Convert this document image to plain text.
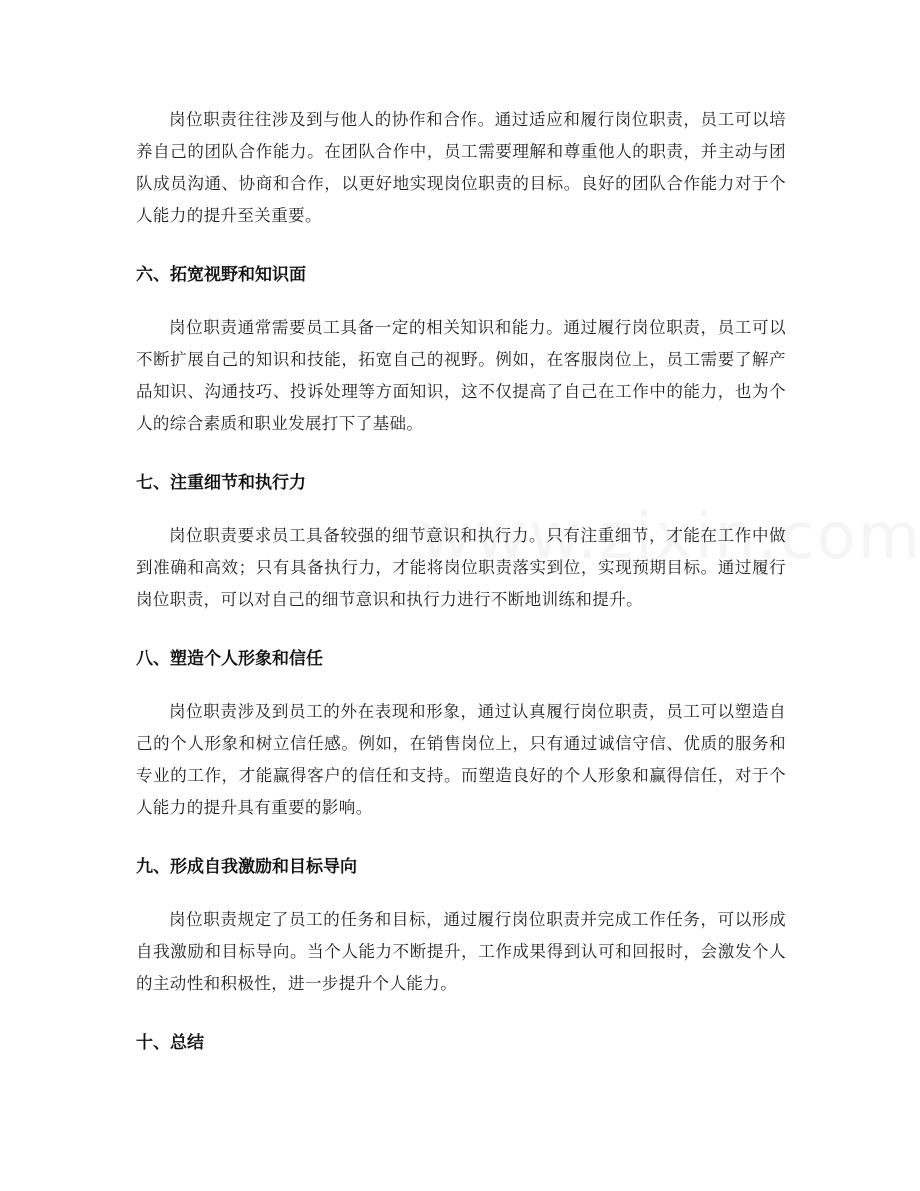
岗位职责往往涉及到与他人的协作和合作。通过适应和履行岗位职责，员工可以培养自己的团队合作能力。在团队合作中，员工需要理解和尊重他人的职责，并主动与团队成员沟通、协商和合作，以更好地实现岗位职责的目标。良好的团队合作能力对于个人能力的提升至关重要。

六、拓宽视野和知识面

岗位职责通常需要员工具备一定的相关知识和能力。通过履行岗位职责，员工可以不断扩展自己的知识和技能，拓宽自己的视野。例如，在客服岗位上，员工需要了解产品知识、沟通技巧、投诉处理等方面知识，这不仅提高了自己在工作中的能力，也为个人的综合素质和职业发展打下了基础。

七、注重细节和执行力

岗位职责要求员工具备较强的细节意识和执行力。只有注重细节，才能在工作中做到准确和高效；只有具备执行力，才能将岗位职责落实到位，实现预期目标。通过履行岗位职责，可以对自己的细节意识和执行力进行不断地训练和提升。

八、塑造个人形象和信任

岗位职责涉及到员工的外在表现和形象，通过认真履行岗位职责，员工可以塑造自己的个人形象和树立信任感。例如，在销售岗位上，只有通过诚信守信、优质的服务和专业的工作，才能赢得客户的信任和支持。而塑造良好的个人形象和赢得信任，对于个人能力的提升具有重要的影响。

九、形成自我激励和目标导向

岗位职责规定了员工的任务和目标，通过履行岗位职责并完成工作任务，可以形成自我激励和目标导向。当个人能力不断提升，工作成果得到认可和回报时，会激发个人的主动性和积极性，进一步提升个人能力。

十、总结
